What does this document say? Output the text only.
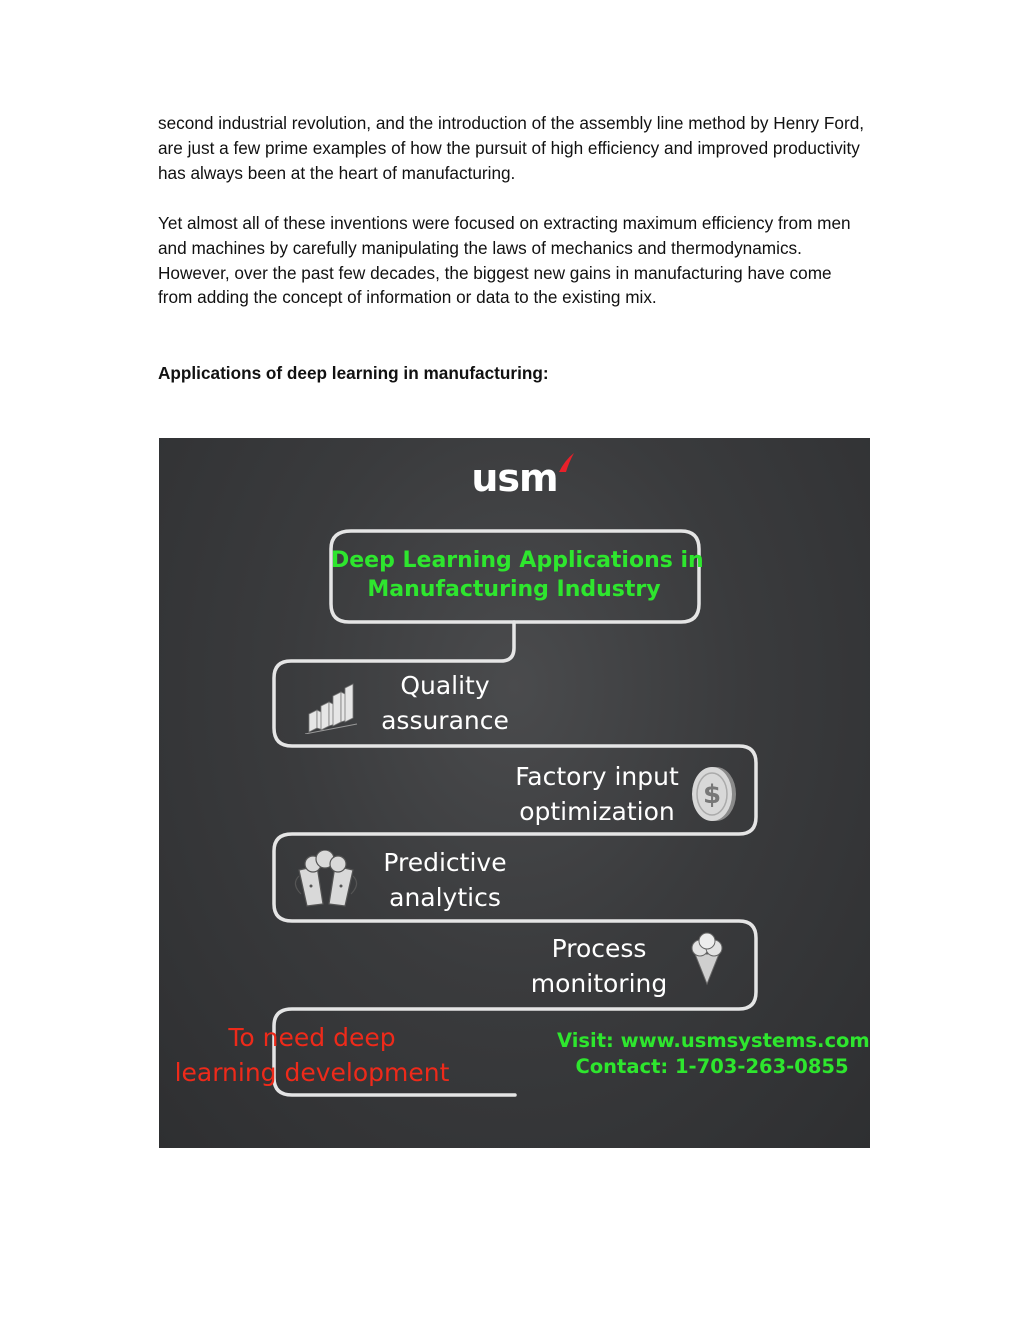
second industrial revolution, and the introduction of the assembly line method by Henry Ford, are just a few prime examples of how the pursuit of high efficiency and improved productivity has always been at the heart of manufacturing.

Yet almost all of these inventions were focused on extracting maximum efficiency from men and machines by carefully manipulating the laws of mechanics and thermodynamics. However, over the past few decades, the biggest new gains in manufacturing have come from adding the concept of information or data to the existing mix.

Applications of deep learning in manufacturing:

usm
Deep Learning Applications in
Manufacturing Industry
Quality
assurance
Factory input
optimization
$
Predictive
analytics
Process
monitoring
To need deep
learning development
Visit: www.usmsystems.com
Contact: 1-703-263-0855
